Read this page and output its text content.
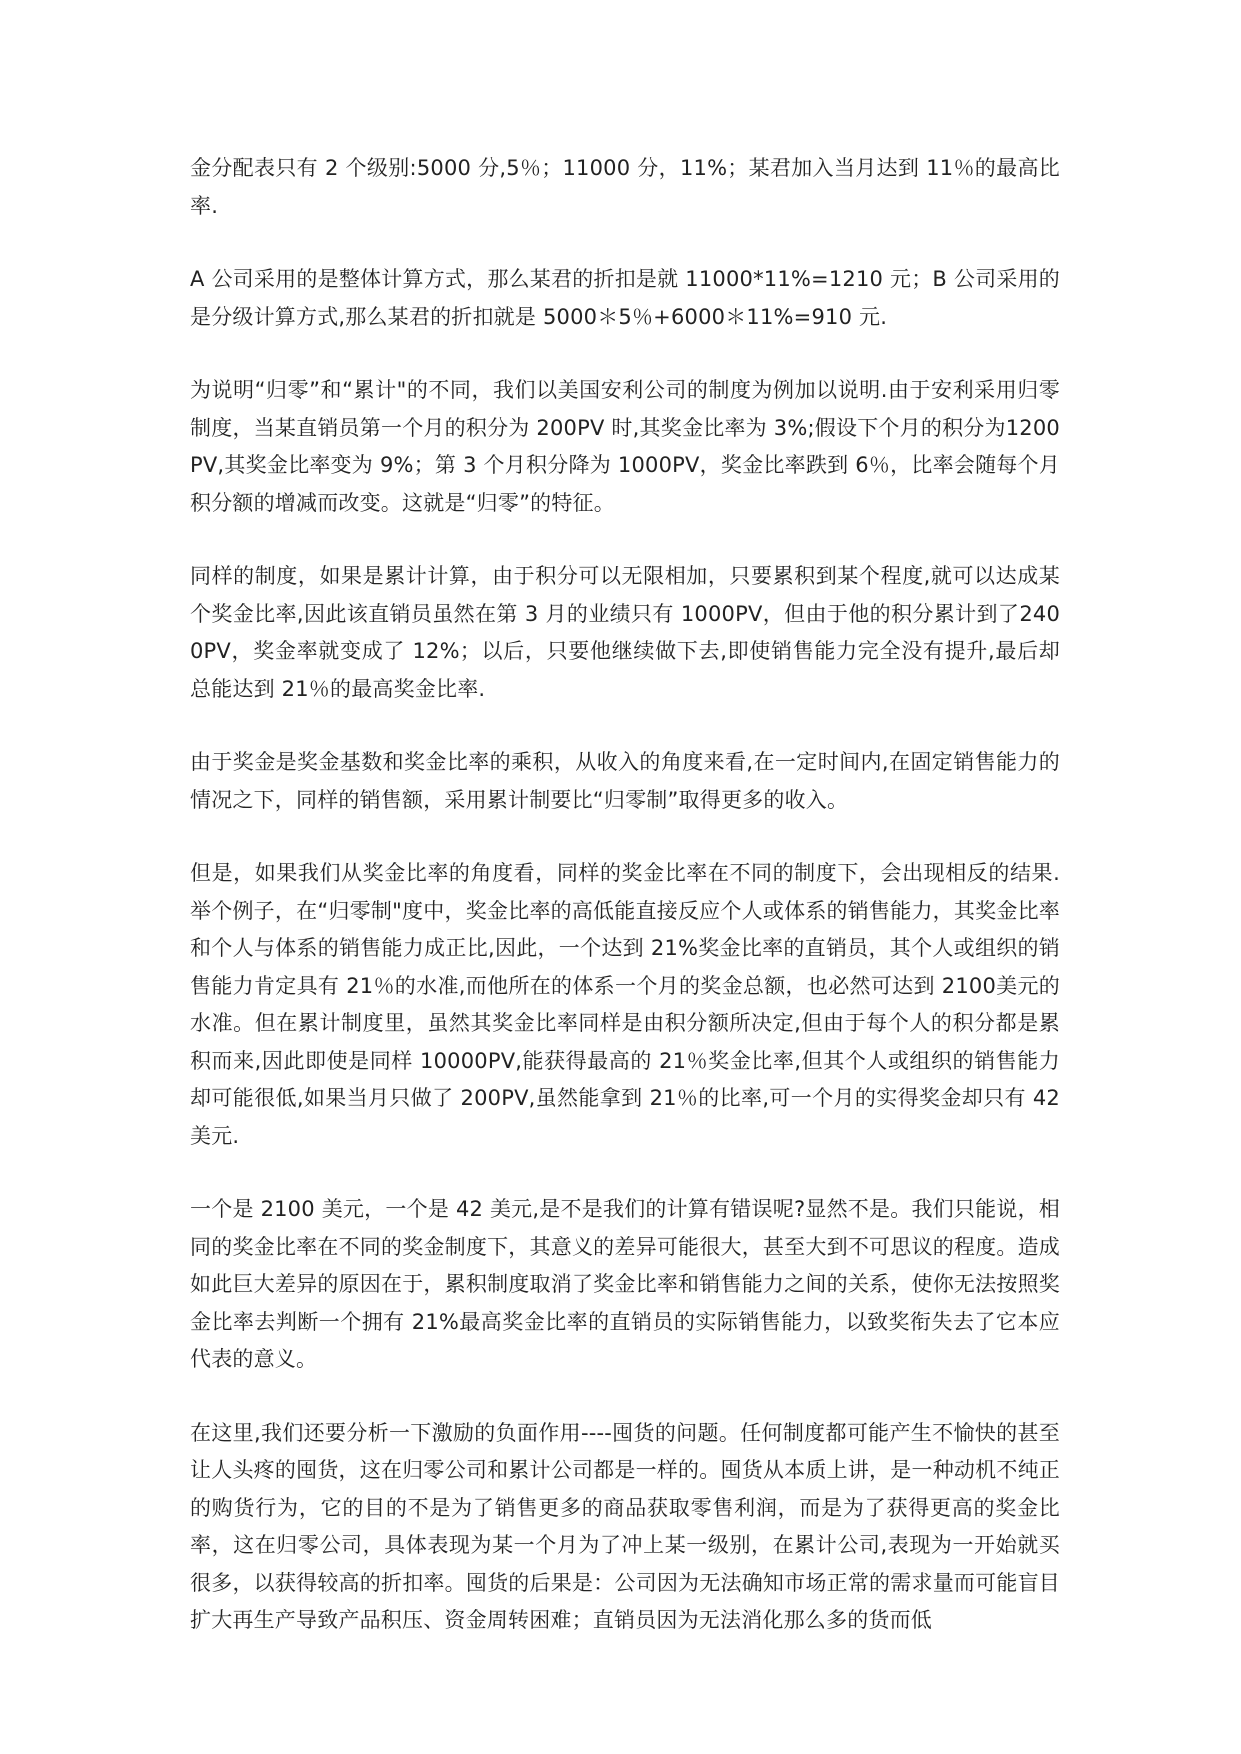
金分配表只有 2 个级别:5000 分,5％；11000 分，11%；某君加入当月达到 11％的最高比率.

A 公司采用的是整体计算方式，那么某君的折扣是就 11000*11%=1210 元；B 公司采用的是分级计算方式,那么某君的折扣就是 5000＊5％+6000＊11%=910 元.

为说明“归零”和“累计"的不同，我们以美国安利公司的制度为例加以说明.由于安利采用归零制度，当某直销员第一个月的积分为 200PV 时,其奖金比率为 3%;假设下个月的积分为1200PV,其奖金比率变为 9%；第 3 个月积分降为 1000PV，奖金比率跌到 6％，比率会随每个月积分额的增减而改变。这就是“归零”的特征。

同样的制度，如果是累计计算，由于积分可以无限相加，只要累积到某个程度,就可以达成某个奖金比率,因此该直销员虽然在第 3 月的业绩只有 1000PV，但由于他的积分累计到了2400PV，奖金率就变成了 12%；以后，只要他继续做下去,即使销售能力完全没有提升,最后却总能达到 21％的最高奖金比率.

由于奖金是奖金基数和奖金比率的乘积，从收入的角度来看,在一定时间内,在固定销售能力的情况之下，同样的销售额，采用累计制要比“归零制”取得更多的收入。

但是，如果我们从奖金比率的角度看，同样的奖金比率在不同的制度下，会出现相反的结果.举个例子，在“归零制"度中，奖金比率的高低能直接反应个人或体系的销售能力，其奖金比率和个人与体系的销售能力成正比,因此，一个达到 21%奖金比率的直销员，其个人或组织的销售能力肯定具有 21％的水准,而他所在的体系一个月的奖金总额，也必然可达到 2100美元的水准。但在累计制度里，虽然其奖金比率同样是由积分额所决定,但由于每个人的积分都是累积而来,因此即使是同样 10000PV,能获得最高的 21％奖金比率,但其个人或组织的销售能力却可能很低,如果当月只做了 200PV,虽然能拿到 21％的比率,可一个月的实得奖金却只有 42 美元.

一个是 2100 美元，一个是 42 美元,是不是我们的计算有错误呢?显然不是。我们只能说，相同的奖金比率在不同的奖金制度下，其意义的差异可能很大，甚至大到不可思议的程度。造成如此巨大差异的原因在于，累积制度取消了奖金比率和销售能力之间的关系，使你无法按照奖金比率去判断一个拥有 21%最高奖金比率的直销员的实际销售能力，以致奖衔失去了它本应代表的意义。

在这里,我们还要分析一下激励的负面作用----囤货的问题。任何制度都可能产生不愉快的甚至让人头疼的囤货，这在归零公司和累计公司都是一样的。囤货从本质上讲，是一种动机不纯正的购货行为，它的目的不是为了销售更多的商品获取零售利润，而是为了获得更高的奖金比率，这在归零公司，具体表现为某一个月为了冲上某一级别，在累计公司,表现为一开始就买很多，以获得较高的折扣率。囤货的后果是：公司因为无法确知市场正常的需求量而可能盲目扩大再生产导致产品积压、资金周转困难；直销员因为无法消化那么多的货而低
